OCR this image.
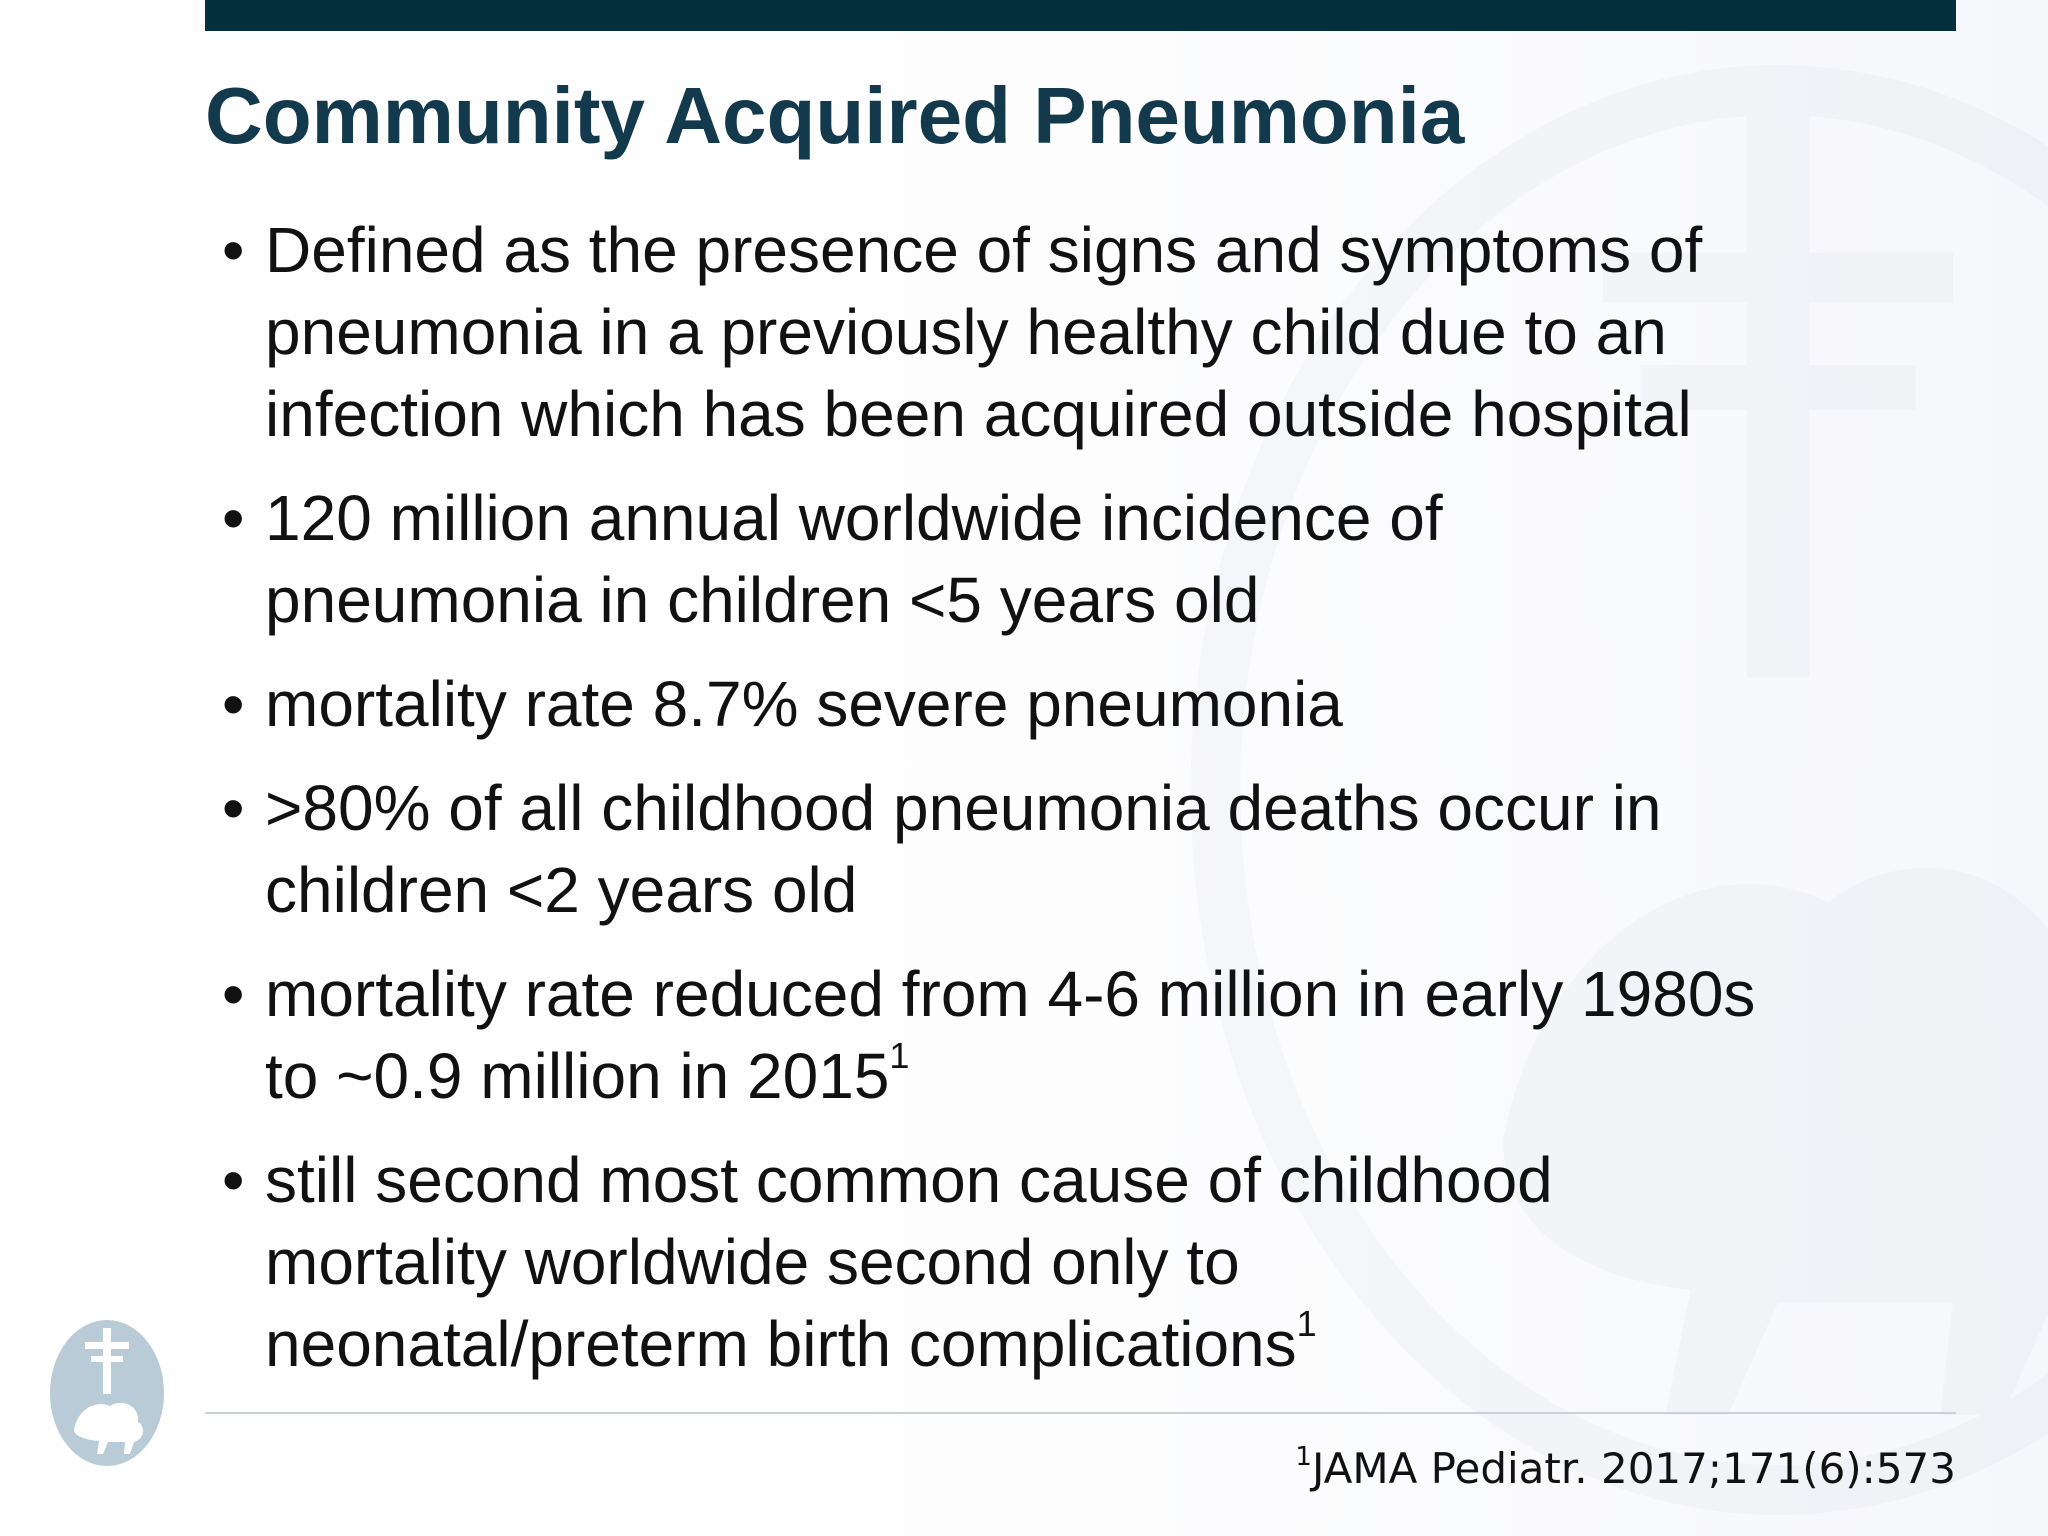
Community Acquired Pneumonia
• Defined as the presence of signs and symptoms of
pneumonia in a previously healthy child due to an
infection which has been acquired outside hospital
• 120 million annual worldwide incidence of
pneumonia in children <5 years old
• mortality rate 8.7% severe pneumonia
• >80% of all childhood pneumonia deaths occur in
children <2 years old
• mortality rate reduced from 4-6 million in early 1980s
to ~0.9 million in 2015$^1$
• still second most common cause of childhood
mortality worldwide second only to
neonatal/preterm birth complications$^1$
$^1$JAMA Pediatr. 2017;171(6):573
